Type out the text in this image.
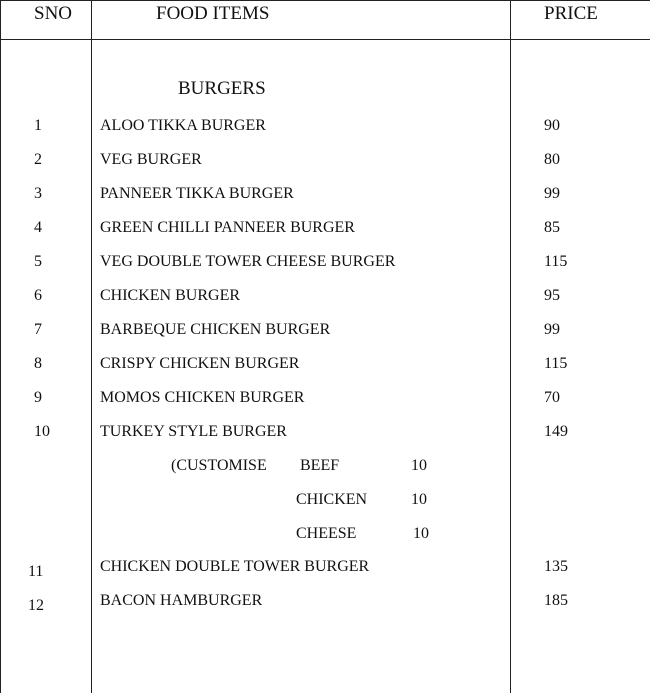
SNO	FOOD ITEMS	PRICE
BURGERS
1	ALOO TIKKA BURGER	90
2	VEG BURGER	80
3	PANNEER TIKKA BURGER	99
4	GREEN CHILLI PANNEER BURGER	85
5	VEG DOUBLE TOWER CHEESE BURGER	115
6	CHICKEN BURGER	95
7	BARBEQUE CHICKEN BURGER	99
8	CRISPY CHICKEN BURGER	115
9	MOMOS CHICKEN BURGER	70
10	TURKEY STYLE BURGER	149
(CUSTOMISE BEEF	10
CHICKEN	10
CHEESE	10
11	CHICKEN DOUBLE TOWER BURGER	135
12	BACON HAMBURGER	185
